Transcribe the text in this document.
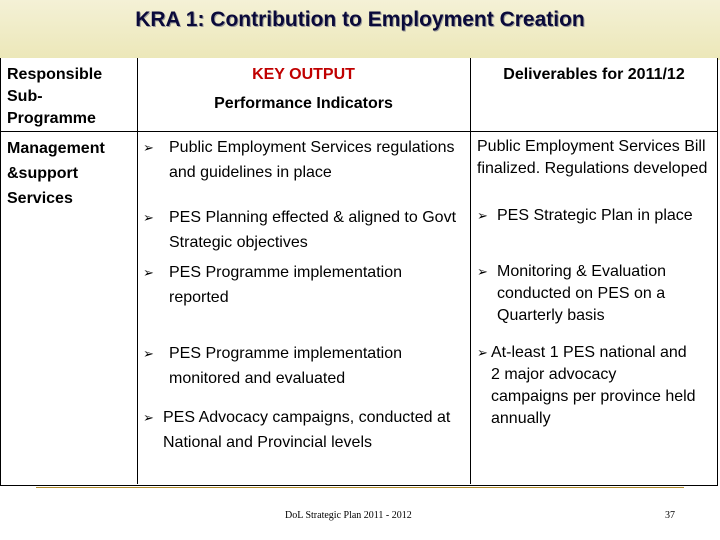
KRA 1: Contribution to Employment Creation
Responsible Sub-Programme
KEY OUTPUT
Performance Indicators
Deliverables for 2011/12
Management &support Services
➢ Public Employment Services regulations and guidelines in place
➢ PES Planning effected & aligned to Govt Strategic objectives
➢ PES Programme implementation reported
➢ PES Programme implementation monitored and evaluated
➢ PES Advocacy campaigns, conducted at National and Provincial levels
Public Employment Services Bill finalized. Regulations developed
➢ PES Strategic Plan in place
➢ Monitoring & Evaluation conducted on PES on a Quarterly basis
➢ At-least 1 PES national and 2 major advocacy campaigns per province held annually
DoL Strategic Plan 2011 - 2012	37
